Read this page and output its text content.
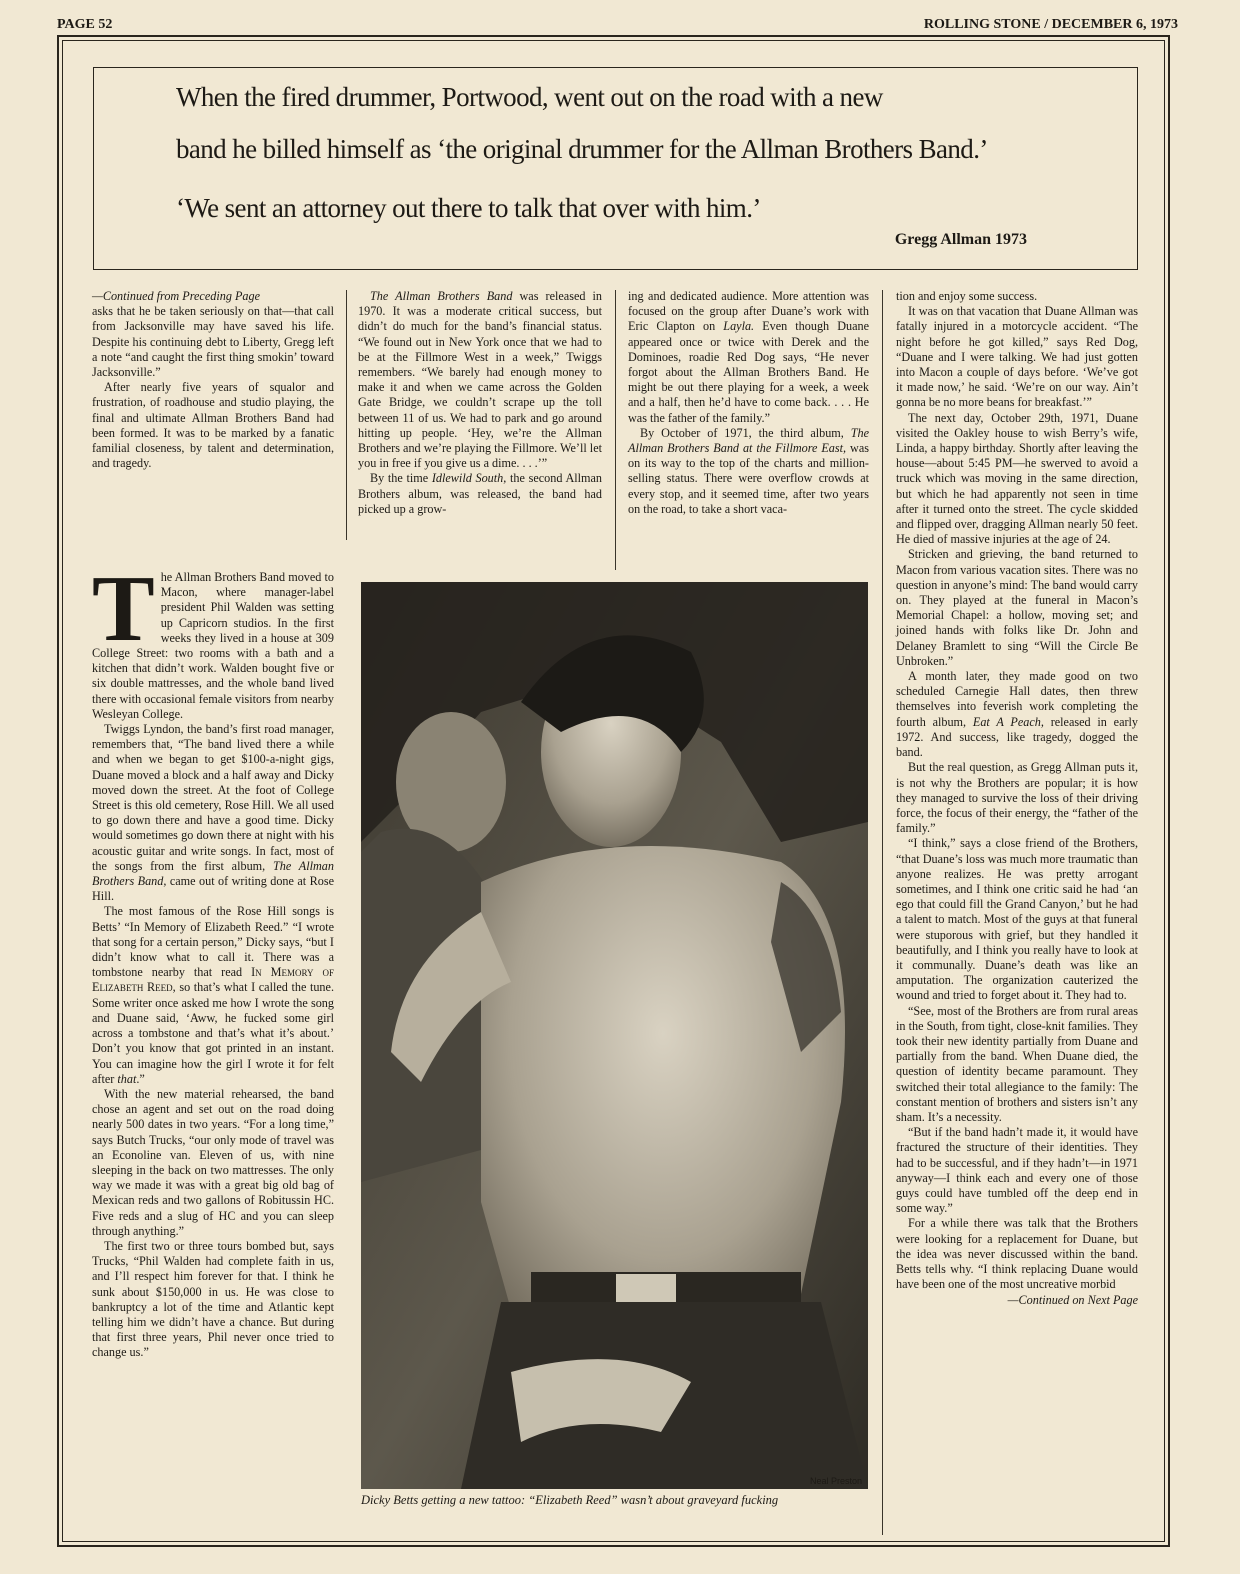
PAGE 52	ROLLING STONE / DECEMBER 6, 1973
When the fired drummer, Portwood, went out on the road with a new
band he billed himself as ‘the original drummer for the Allman Brothers Band.’
‘We sent an attorney out there to talk that over with him.’
Gregg Allman 1973

—Continued from Preceding Page

asks that he be taken seriously on that—that call from Jacksonville may have saved his life. Despite his continuing debt to Liberty, Gregg left a note “and caught the first thing smokin’ toward Jacksonville.”

After nearly five years of squalor and frustration, of roadhouse and studio playing, the final and ultimate Allman Brothers Band had been formed. It was to be marked by a fanatic familial closeness, by talent and determination, and tragedy.

The Allman Brothers Band moved to Macon, where manager-label president Phil Walden was setting up Capricorn studios. In the first weeks they lived in a house at 309 College Street: two rooms with a bath and a kitchen that didn’t work. Walden bought five or six double mattresses, and the whole band lived there with occasional female visitors from nearby Wesleyan College.

Twiggs Lyndon, the band’s first road manager, remembers that, “The band lived there a while and when we began to get $100-a-night gigs, Duane moved a block and a half away and Dicky moved down the street. At the foot of College Street is this old cemetery, Rose Hill. We all used to go down there and have a good time. Dicky would sometimes go down there at night with his acoustic guitar and write songs. In fact, most of the songs from the first album, The Allman Brothers Band, came out of writing done at Rose Hill.

The most famous of the Rose Hill songs is Betts’ “In Memory of Elizabeth Reed.” “I wrote that song for a certain person,” Dicky says, “but I didn’t know what to call it. There was a tombstone nearby that read In Memory of Elizabeth Reed, so that’s what I called the tune. Some writer once asked me how I wrote the song and Duane said, ‘Aww, he fucked some girl across a tombstone and that’s what it’s about.’ Don’t you know that got printed in an instant. You can imagine how the girl I wrote it for felt after that.”

With the new material rehearsed, the band chose an agent and set out on the road doing nearly 500 dates in two years. “For a long time,” says Butch Trucks, “our only mode of travel was an Econoline van. Eleven of us, with nine sleeping in the back on two mattresses. The only way we made it was with a great big old bag of Mexican reds and two gallons of Robitussin HC. Five reds and a slug of HC and you can sleep through anything.”

The first two or three tours bombed but, says Trucks, “Phil Walden had complete faith in us, and I’ll respect him forever for that. I think he sunk about $150,000 in us. He was close to bankruptcy a lot of the time and Atlantic kept telling him we didn’t have a chance. But during that first three years, Phil never once tried to change us.”

The Allman Brothers Band was released in 1970. It was a moderate critical success, but didn’t do much for the band’s financial status. “We found out in New York once that we had to be at the Fillmore West in a week,” Twiggs remembers. “We barely had enough money to make it and when we came across the Golden Gate Bridge, we couldn’t scrape up the toll between 11 of us. We had to park and go around hitting up people. ‘Hey, we’re the Allman Brothers and we’re playing the Fillmore. We’ll let you in free if you give us a dime. . . .’”

By the time Idlewild South, the second Allman Brothers album, was released, the band had picked up a grow-

ing and dedicated audience. More attention was focused on the group after Duane’s work with Eric Clapton on Layla. Even though Duane appeared once or twice with Derek and the Dominoes, roadie Red Dog says, “He never forgot about the Allman Brothers Band. He might be out there playing for a week, a week and a half, then he’d have to come back. . . . He was the father of the family.”

By October of 1971, the third album, The Allman Brothers Band at the Fillmore East, was on its way to the top of the charts and million-selling status. There were overflow crowds at every stop, and it seemed time, after two years on the road, to take a short vaca-

tion and enjoy some success.

It was on that vacation that Duane Allman was fatally injured in a motorcycle accident. “The night before he got killed,” says Red Dog, “Duane and I were talking. We had just gotten into Macon a couple of days before. ‘We’ve got it made now,’ he said. ‘We’re on our way. Ain’t gonna be no more beans for breakfast.’”

The next day, October 29th, 1971, Duane visited the Oakley house to wish Berry’s wife, Linda, a happy birthday. Shortly after leaving the house—about 5:45 PM—he swerved to avoid a truck which was moving in the same direction, but which he had apparently not seen in time after it turned onto the street. The cycle skidded and flipped over, dragging Allman nearly 50 feet. He died of massive injuries at the age of 24.

Stricken and grieving, the band returned to Macon from various vacation sites. There was no question in anyone’s mind: The band would carry on. They played at the funeral in Macon’s Memorial Chapel: a hollow, moving set; and joined hands with folks like Dr. John and Delaney Bramlett to sing “Will the Circle Be Unbroken.”

A month later, they made good on two scheduled Carnegie Hall dates, then threw themselves into feverish work completing the fourth album, Eat A Peach, released in early 1972. And success, like tragedy, dogged the band.

But the real question, as Gregg Allman puts it, is not why the Brothers are popular; it is how they managed to survive the loss of their driving force, the focus of their energy, the “father of the family.”

“I think,” says a close friend of the Brothers, “that Duane’s loss was much more traumatic than anyone realizes. He was pretty arrogant sometimes, and I think one critic said he had ‘an ego that could fill the Grand Canyon,’ but he had a talent to match. Most of the guys at that funeral were stuporous with grief, but they handled it beautifully, and I think you really have to look at it communally. Duane’s death was like an amputation. The organization cauterized the wound and tried to forget about it. They had to.

“See, most of the Brothers are from rural areas in the South, from tight, close-knit families. They took their new identity partially from Duane and partially from the band. When Duane died, the question of identity became paramount. They switched their total allegiance to the family: The constant mention of brothers and sisters isn’t any sham. It’s a necessity.

“But if the band hadn’t made it, it would have fractured the structure of their identities. They had to be successful, and if they hadn’t—in 1971 anyway—I think each and every one of those guys could have tumbled off the deep end in some way.”

For a while there was talk that the Brothers were looking for a replacement for Duane, but the idea was never discussed within the band. Betts tells why. “I think replacing Duane would have been one of the most uncreative morbid

—Continued on Next Page
Neal Preston
Dicky Betts getting a new tattoo: “Elizabeth Reed” wasn’t about graveyard fucking
